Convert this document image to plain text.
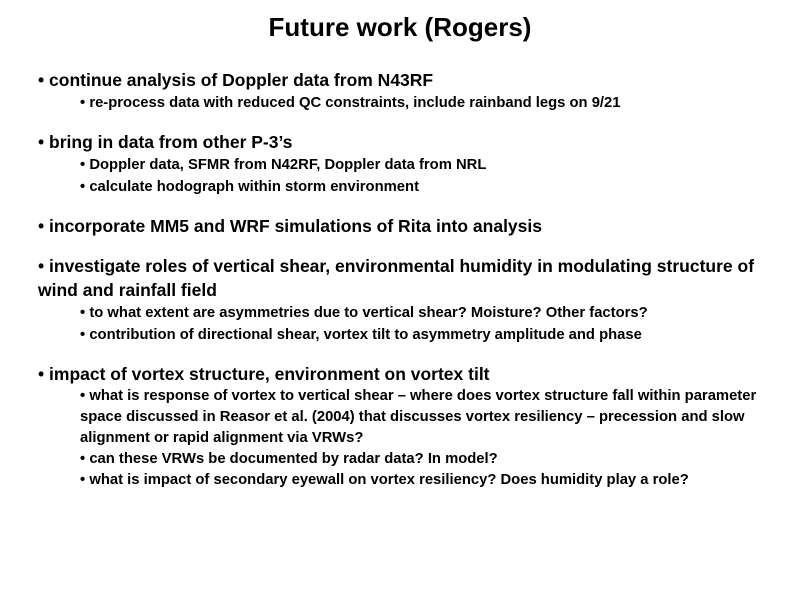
Future work (Rogers)

• continue analysis of Doppler data from N43RF

• re-process data with reduced QC constraints, include rainband legs on 9/21

• bring in data from other P-3’s

• Doppler data, SFMR from N42RF, Doppler data from NRL

• calculate hodograph within storm environment

• incorporate MM5 and WRF simulations of Rita into analysis

• investigate roles of vertical shear, environmental humidity in modulating structure of wind and rainfall field

• to what extent are asymmetries due to vertical shear? Moisture? Other factors?

• contribution of directional shear, vortex tilt to asymmetry amplitude and phase

• impact of vortex structure, environment on vortex tilt

• what is response of vortex to vertical shear – where does vortex structure fall within parameter space discussed in Reasor et al. (2004) that discusses vortex resiliency – precession and slow alignment or rapid alignment via VRWs?

• can these VRWs be documented by radar data? In model?

• what is impact of secondary eyewall on vortex resiliency? Does humidity play a role?
